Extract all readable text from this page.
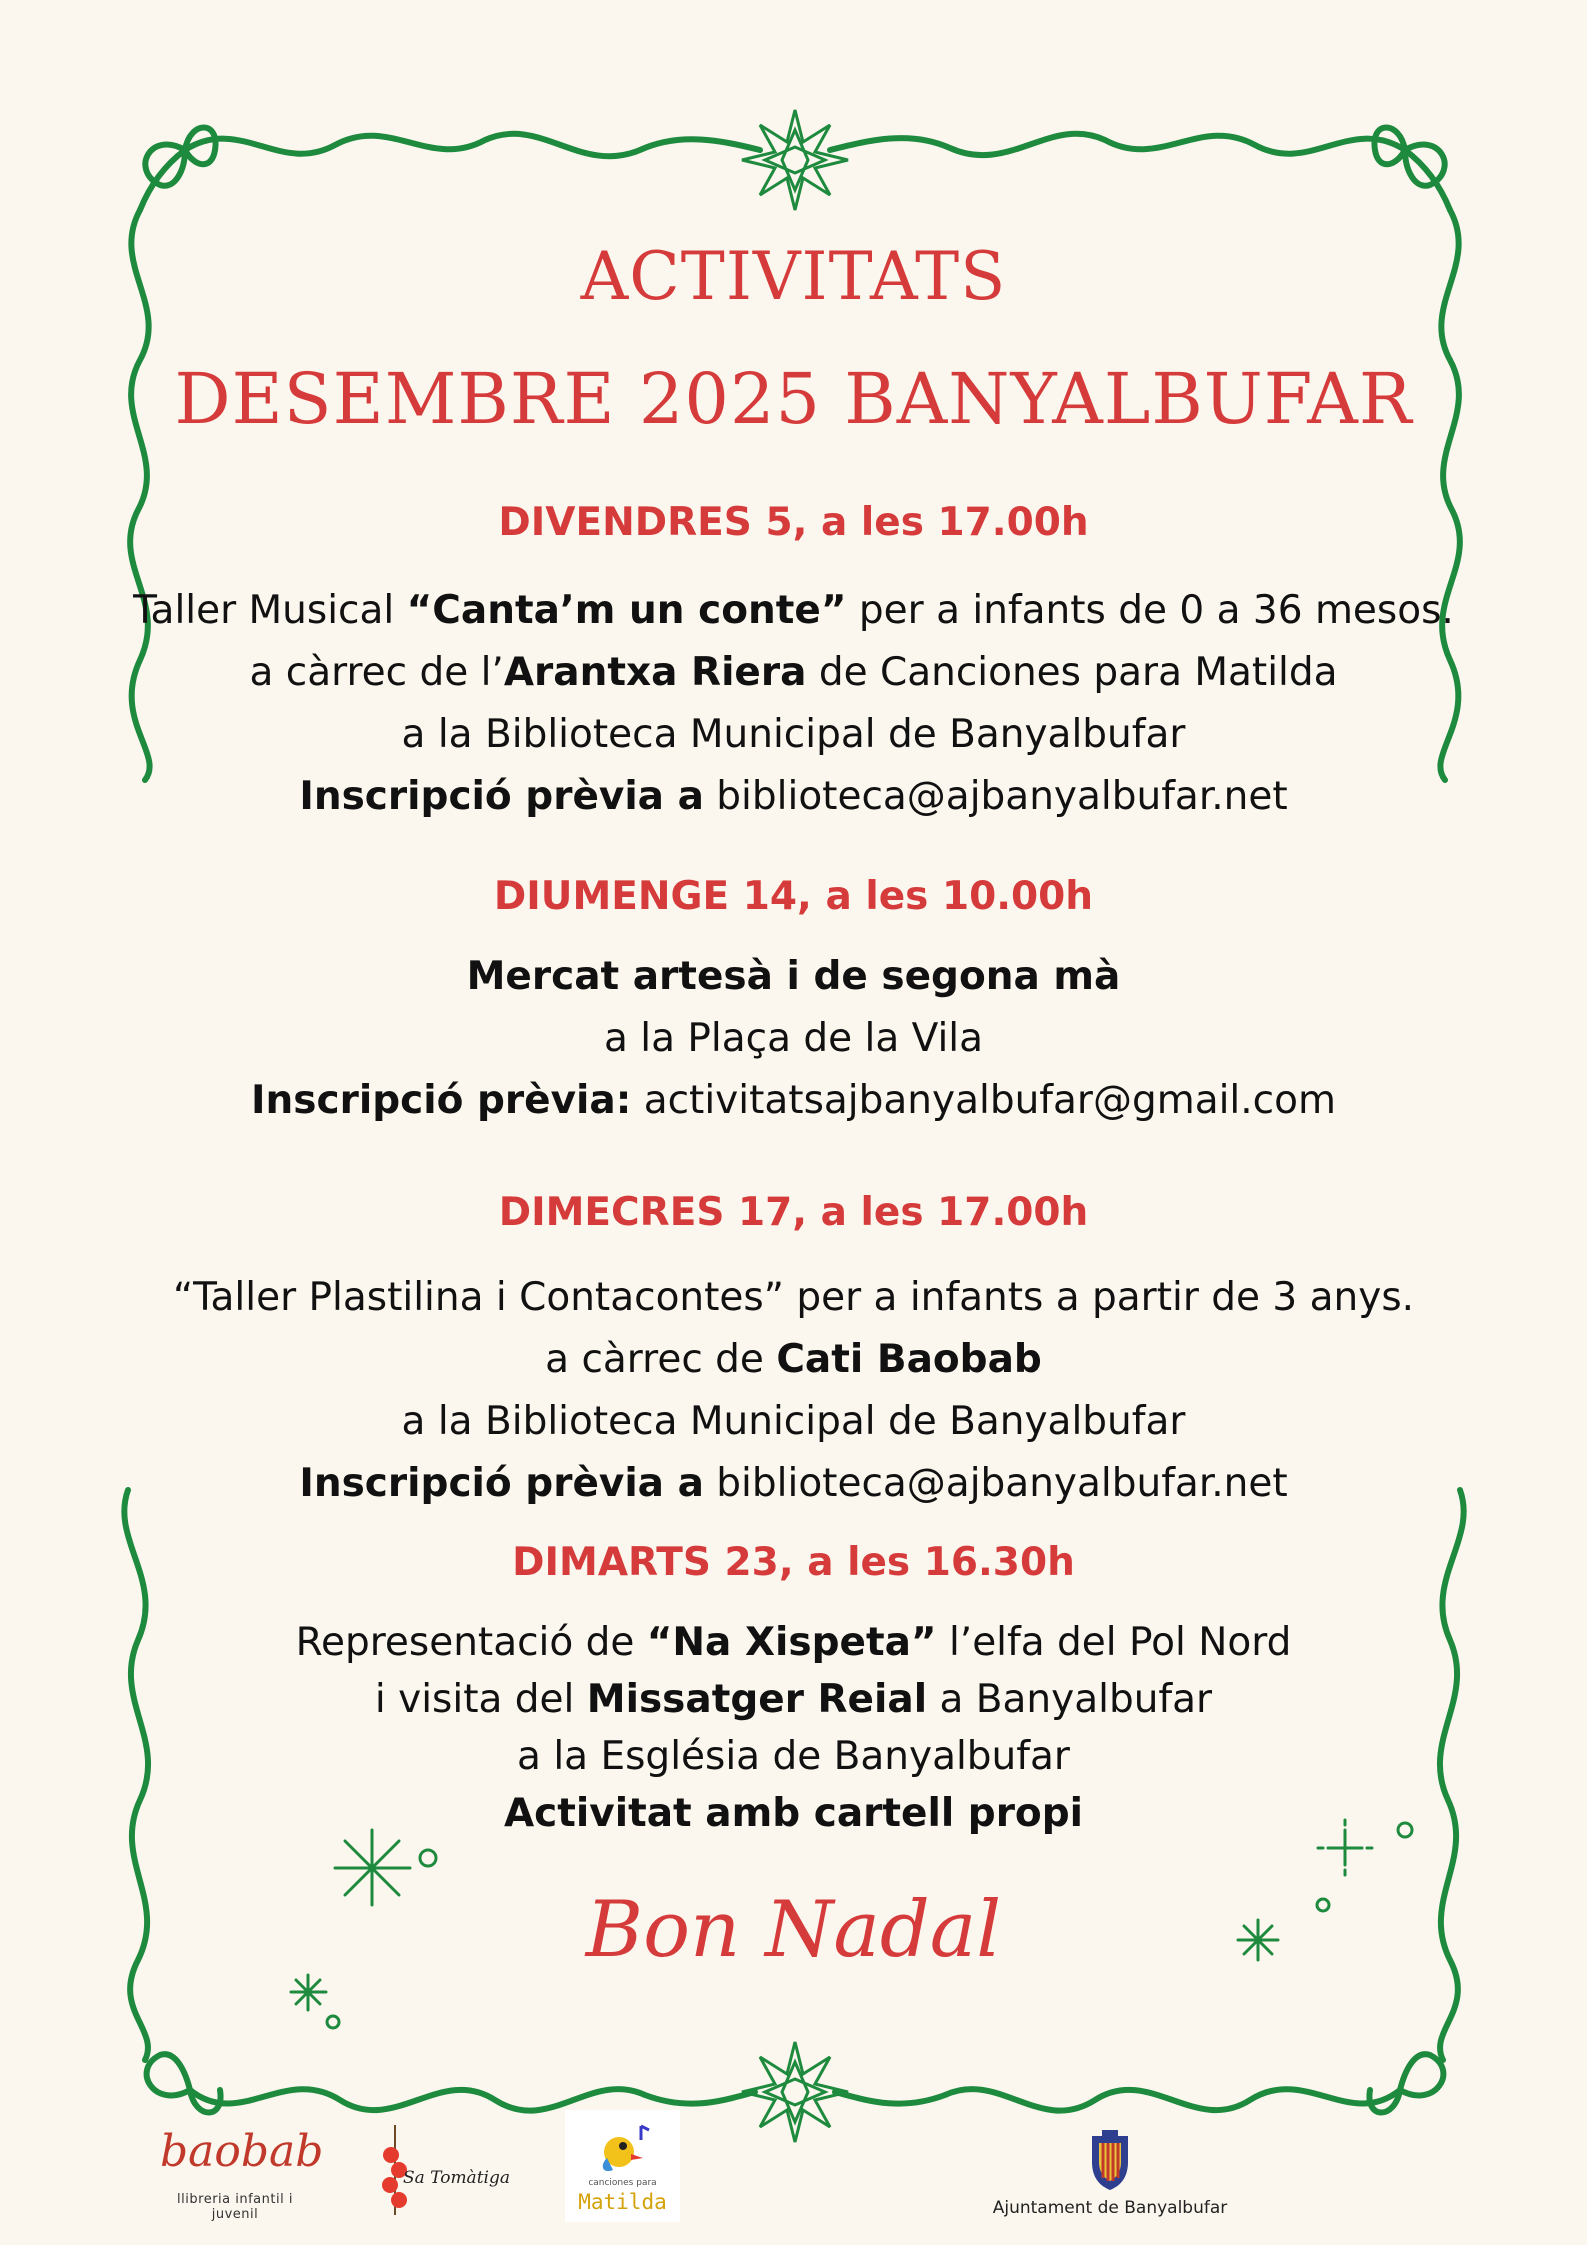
ACTIVITATS
DESEMBRE 2025 BANYALBUFAR
DIVENDRES 5, a les 17.00h
Taller Musical “Canta’m un conte” per a infants de 0 a 36 mesos.
a càrrec de l’Arantxa Riera de Canciones para Matilda
a la Biblioteca Municipal de Banyalbufar
Inscripció prèvia a biblioteca@ajbanyalbufar.net
DIUMENGE 14, a les 10.00h
Mercat artesà i de segona mà
a la Plaça de la Vila
Inscripció prèvia: activitatsajbanyalbufar@gmail.com
DIMECRES 17, a les 17.00h
“Taller Plastilina i Contacontes” per a infants a partir de 3 anys.
a càrrec de Cati Baobab
a la Biblioteca Municipal de Banyalbufar
Inscripció prèvia a biblioteca@ajbanyalbufar.net
DIMARTS 23, a les 16.30h
Representació de “Na Xispeta” l’elfa del Pol Nord
i visita del Missatger Reial a Banyalbufar
a la Església de Banyalbufar
Activitat amb cartell propi
Bon Nadal
baobab
llibreria infantil i juvenil
Sa Tomàtiga	canciones para
Matilda	Ajuntament de Banyalbufar
